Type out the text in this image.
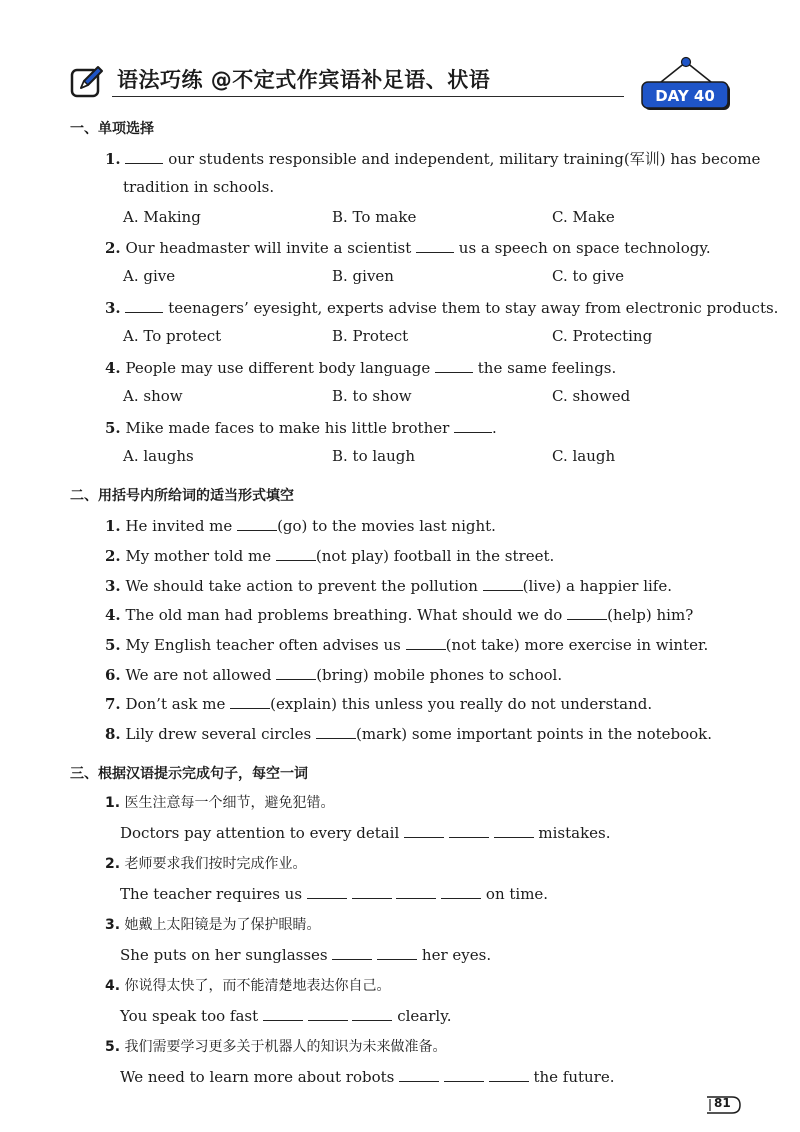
语法巧练 @不定式作宾语补足语、状语
DAY 40
一、单项选择
1.	our students responsible and independent, military training(军训) has become
tradition in schools.
A. Making	B. To make	C. Make
2. Our headmaster will invite a scientist	us a speech on space technology.
A. give	B. given	C. to give
3.	teenagers’ eyesight, experts advise them to stay away from electronic products.
A. To protect	B. Protect	C. Protecting
4. People may use different body language	the same feelings.
A. show	B. to show	C. showed
5. Mike made faces to make his little brother	.
A. laughs	B. to laugh	C. laugh
二、用括号内所给词的适当形式填空
1. He invited me	(go) to the movies last night.
2. My mother told me	(not play) football in the street.
3. We should take action to prevent the pollution	(live) a happier life.
4. The old man had problems breathing. What should we do	(help) him?
5. My English teacher often advises us	(not take) more exercise in winter.
6. We are not allowed	(bring) mobile phones to school.
7. Don’t ask me	(explain) this unless you really do not understand.
8. Lily drew several circles	(mark) some important points in the notebook.
三、根据汉语提示完成句子，每空一词
1. 医生注意每一个细节，避免犯错。
Doctors pay attention to every detail	mistakes.
2. 老师要求我们按时完成作业。
The teacher requires us	on time.
3. 她戴上太阳镜是为了保护眼睛。
She puts on her sunglasses	her eyes.
4. 你说得太快了，而不能清楚地表达你自己。
You speak too fast	clearly.
5. 我们需要学习更多关于机器人的知识为未来做准备。
We need to learn more about robots	the future.
81
